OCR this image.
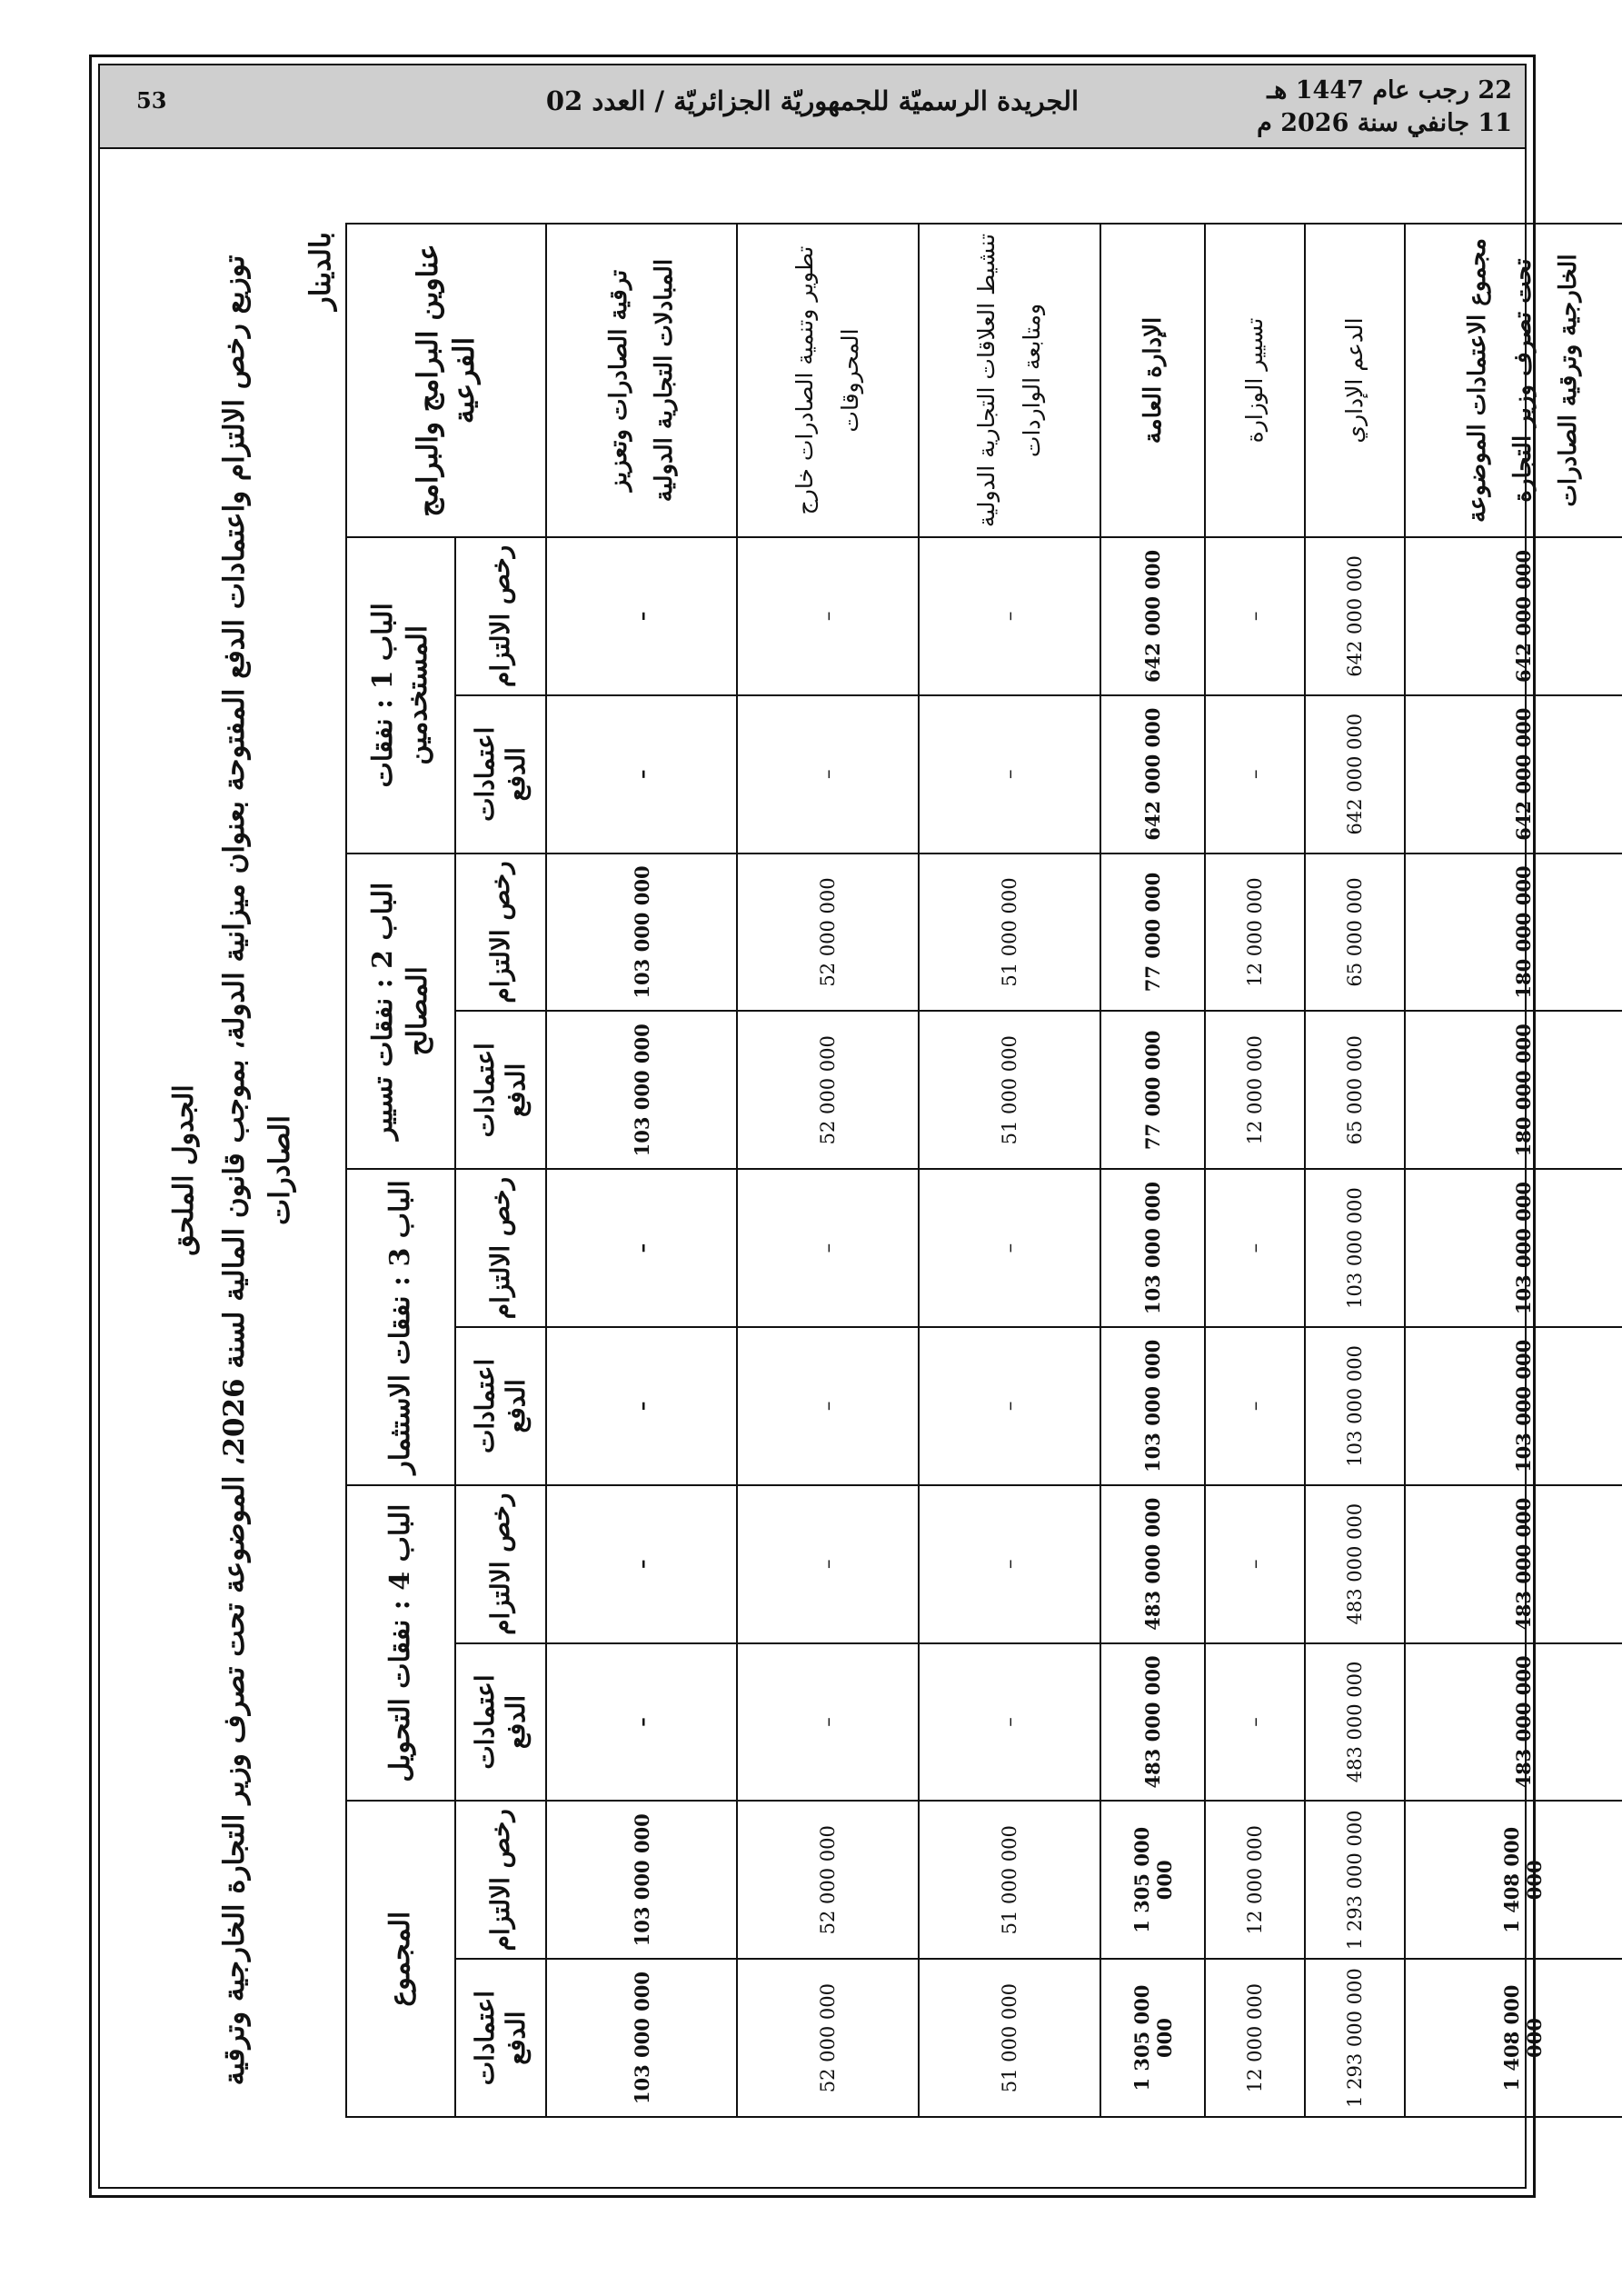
53	الجريدة الرسميّة للجمهوريّة الجزائريّة / العدد 02	22 رجب عام 1447 هـ
11 جانفي سنة 2026 م
الجدول الملحق
توزيع رخص الالتزام واعتمادات الدفع المفتوحة بعنوان ميزانية الدولة، بموجب قانون المالية لسنة 2026، الموضوعة تحت تصرف وزير التجارة الخارجية وترقية الصادرات
بالدينار	عناوين البرامج والبرامج الفرعية	الباب 1 : نفقات المستخدمين		الباب 2 : نفقات تسيير المصالح		الباب 3 : نفقات الاستثمار		الباب 4 : نفقات التحويل		المجموع	
	رخص الالتزام	اعتمادات الدفع	رخص الالتزام	اعتمادات الدفع	رخص الالتزام	اعتمادات الدفع	رخص الالتزام	اعتمادات الدفع	رخص الالتزام	اعتمادات الدفع
ترقية الصادرات وتعزيز المبادلات التجارية الدولية	–	–	103 000 000	103 000 000	–	–	–	–	103 000 000	103 000 000
تطوير وتنمية الصادرات خارج المحروقات	–	–	52 000 000	52 000 000	–	–	–	–	52 000 000	52 000 000
تنشيط العلاقات التجارية الدولية ومتابعة الواردات	–	–	51 000 000	51 000 000	–	–	–	–	51 000 000	51 000 000
الإدارة العامة	642 000 000	642 000 000	77 000 000	77 000 000	103 000 000	103 000 000	483 000 000	483 000 000	1 305 000 000	1 305 000 000
تسيير الوزارة	–	–	12 000 000	12 000 000	–	–	–	–	12 000 000	12 000 000
الدعم الإداري	642 000 000	642 000 000	65 000 000	65 000 000	103 000 000	103 000 000	483 000 000	483 000 000	1 293 000 000	1 293 000 000
مجموع الاعتمادات الموضوعة تحت تصرف وزير التجارة الخارجية وترقية الصادرات	642 000 000	642 000 000	180 000 000	180 000 000	103 000 000	103 000 000	483 000 000	483 000 000	1 408 000 000	1 408 000 000
